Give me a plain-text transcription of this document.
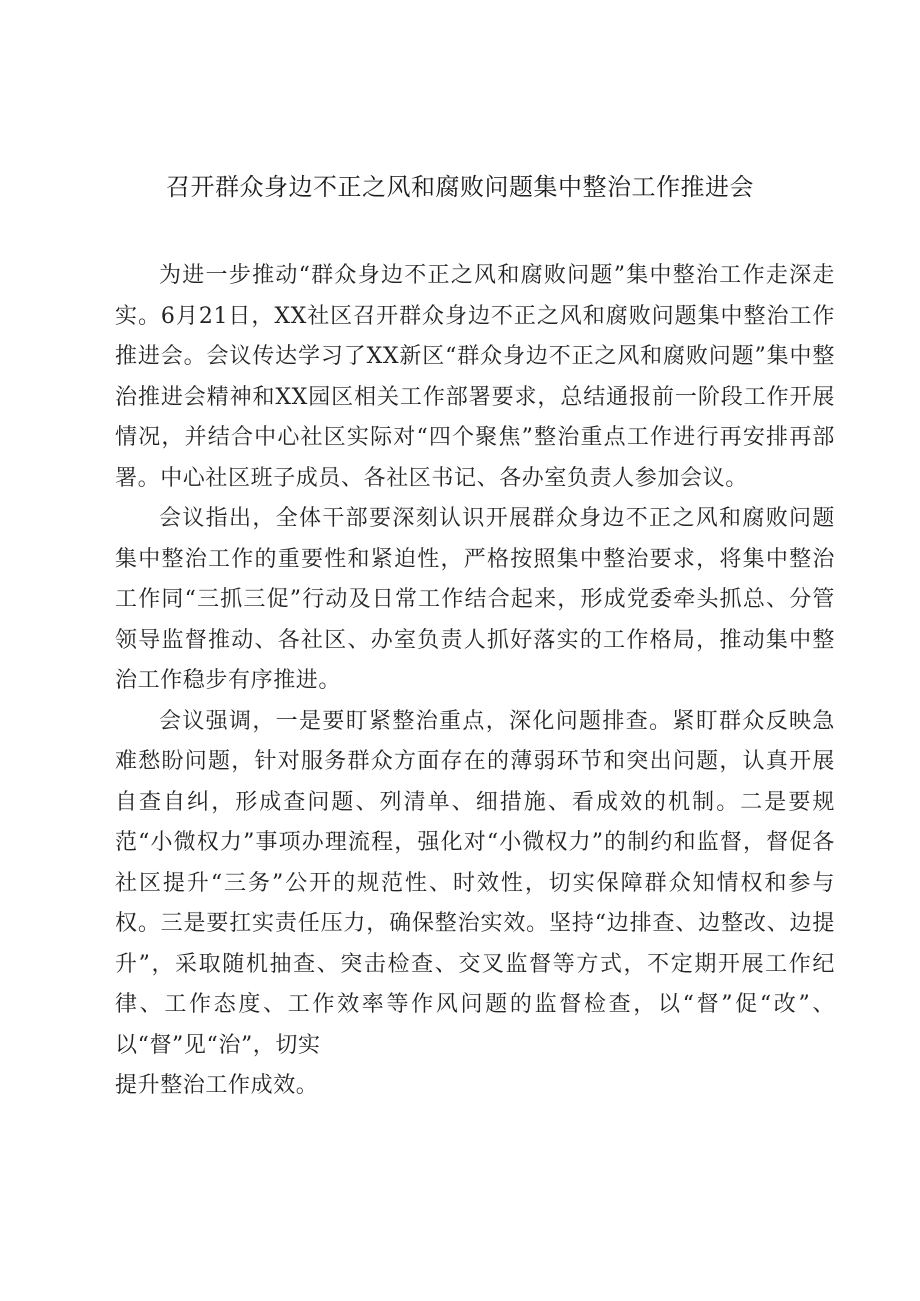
召开群众身边不正之风和腐败问题集中整治工作推进会

为进一步推动“群众身边不正之风和腐败问题”集中整治工作走深走实。6月21日，XX社区召开群众身边不正之风和腐败问题集中整治工作推进会。会议传达学习了XX新区“群众身边不正之风和腐败问题”集中整治推进会精神和XX园区相关工作部署要求，总结通报前一阶段工作开展情况，并结合中心社区实际对“四个聚焦”整治重点工作进行再安排再部署。中心社区班子成员、各社区书记、各办室负责人参加会议。

会议指出，全体干部要深刻认识开展群众身边不正之风和腐败问题集中整治工作的重要性和紧迫性，严格按照集中整治要求，将集中整治工作同“三抓三促”行动及日常工作结合起来，形成党委牵头抓总、分管领导监督推动、各社区、办室负责人抓好落实的工作格局，推动集中整治工作稳步有序推进。

会议强调，一是要盯紧整治重点，深化问题排查。紧盯群众反映急难愁盼问题，针对服务群众方面存在的薄弱环节和突出问题，认真开展自查自纠，形成查问题、列清单、细措施、看成效的机制。二是要规范“小微权力”事项办理流程，强化对“小微权力”的制约和监督，督促各社区提升“三务”公开的规范性、时效性，切实保障群众知情权和参与权。三是要扛实责任压力，确保整治实效。坚持“边排查、边整改、边提升”，采取随机抽查、突击检查、交叉监督等方式，不定期开展工作纪律、工作态度、工作效率等作风问题的监督检查，以“督”促“改”、以“督”见“治”，切实

提升整治工作成效。
